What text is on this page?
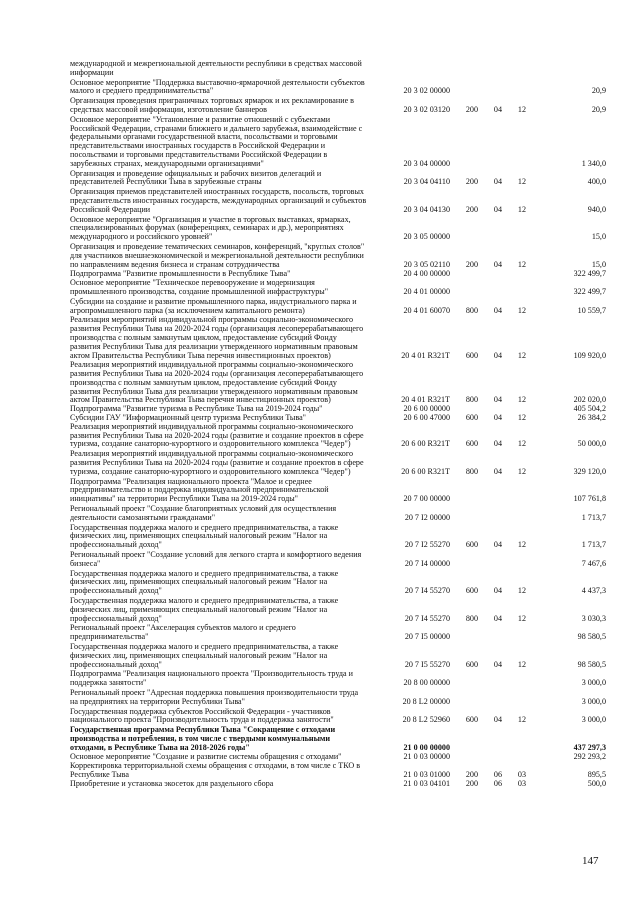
международной и межрегиональной деятельности республики в средствах массовой
информации
Основное мероприятие "Поддержка выставочно-ярмарочной деятельности субъектов
малого и среднего предпринимательства"	20 3 02 00000	20,9
Организация проведения приграничных торговых ярмарок и их рекламирование в
средствах массовой информации, изготовление баннеров	20 3 02 03120	200	04	12	20,9
Основное мероприятие "Установление и развитие отношений с субъектами
Российской Федерации, странами ближнего и дальнего зарубежья, взаимодействие с
федеральными органами государственной власти, посольствами и торговыми
представительствами иностранных государств в Российской Федерации и
посольствами и торговыми представительствами Российской Федерации в
зарубежных странах, международными организациями"	20 3 04 00000	1 340,0
Организация и проведение официальных и рабочих визитов делегаций и
представителей Республики Тыва в зарубежные страны	20 3 04 04110	200	04	12	400,0
Организация приемов представителей иностранных государств, посольств, торговых
представительств иностранных государств, международных организаций и субъектов
Российской Федерации	20 3 04 04130	200	04	12	940,0
Основное мероприятие "Организация и участие в торговых выставках, ярмарках,
специализированных форумах (конференциях, семинарах и др.), мероприятиях
международного и российского уровней"	20 3 05 00000	15,0
Организация и проведение тематических семинаров, конференций, "круглых столов"
для участников внешнеэкономической и межрегиональной деятельности республики
по направлениям ведения бизнеса и странам сотрудничества	20 3 05 02110	200	04	12	15,0
Подпрограмма "Развитие промышленности в Республике Тыва"	20 4 00 00000	322 499,7
Основное мероприятие "Техническое перевооружение и модернизация
промышленного производства, создание промышленной инфраструктуры"	20 4 01 00000	322 499,7
Субсидии на создание и развитие промышленного парка, индустриального парка и
агропромышленного парка (за исключением капитального ремонта)	20 4 01 60070	800	04	12	10 559,7
Реализация мероприятий индивидуальной программы социально-экономического
развития Республики Тыва на 2020-2024 годы (организация лесоперерабатывающего
производства с полным замкнутым циклом, предоставление субсидий Фонду
развития Республики Тыва для реализации утвержденного нормативным правовым
актом Правительства Республики Тыва перечня инвестиционных проектов)	20 4 01 R321T	600	04	12	109 920,0
Реализация мероприятий индивидуальной программы социально-экономического
развития Республики Тыва на 2020-2024 годы (организация лесоперерабатывающего
производства с полным замкнутым циклом, предоставление субсидий Фонду
развития Республики Тыва для реализации утвержденного нормативным правовым
актом Правительства Республики Тыва перечня инвестиционных проектов)	20 4 01 R321T	800	04	12	202 020,0
Подпрограмма "Развитие туризма в Республике Тыва на 2019-2024 годы"	20 6 00 00000	405 504,2
Субсидии ГАУ "Информационный центр туризма Республики Тыва"	20 6 00 47000	600	04	12	26 384,2
Реализация мероприятий индивидуальной программы социально-экономического
развития Республики Тыва на 2020-2024 годы (развитие и создание проектов в сфере
туризма, создание санаторно-курортного и оздоровительного комплекса "Чедер")	20 6 00 R321T	600	04	12	50 000,0
Реализация мероприятий индивидуальной программы социально-экономического
развития Республики Тыва на 2020-2024 годы (развитие и создание проектов в сфере
туризма, создание санаторно-курортного и оздоровительного комплекса "Чедер")	20 6 00 R321T	800	04	12	329 120,0
Подпрограмма "Реализация национального проекта "Малое и среднее
предпринимательство и поддержка индивидуальной предпринимательской
инициативы" на территории Республики Тыва на 2019-2024 годы"	20 7 00 00000	107 761,8
Региональный проект "Создание благоприятных условий для осуществления
деятельности самозанятыми гражданами"	20 7 I2 00000	1 713,7
Государственная поддержка малого и среднего предпринимательства, а также
физических лиц, применяющих специальный налоговый режим "Налог на
профессиональный доход"	20 7 I2 55270	600	04	12	1 713,7
Региональный проект "Создание условий для легкого старта и комфортного ведения
бизнеса"	20 7 I4 00000	7 467,6
Государственная поддержка малого и среднего предпринимательства, а также
физических лиц, применяющих специальный налоговый режим "Налог на
профессиональный доход"	20 7 I4 55270	600	04	12	4 437,3
Государственная поддержка малого и среднего предпринимательства, а также
физических лиц, применяющих специальный налоговый режим "Налог на
профессиональный доход"	20 7 I4 55270	800	04	12	3 030,3
Региональный проект "Акселерация субъектов малого и среднего
предпринимательства"	20 7 I5 00000	98 580,5
Государственная поддержка малого и среднего предпринимательства, а также
физических лиц, применяющих специальный налоговый режим "Налог на
профессиональный доход"	20 7 I5 55270	600	04	12	98 580,5
Подпрограмма "Реализация национального проекта "Производительность труда и
поддержка занятости"	20 8 00 00000	3 000,0
Региональный проект "Адресная поддержка повышения производительности труда
на предприятиях на территории Республики Тыва"	20 8 L2 00000	3 000,0
Государственная поддержка субъектов Российской Федерации - участников
национального проекта "Производительность труда и поддержка занятости"	20 8 L2 52960	600	04	12	3 000,0
Государственная программа Республики Тыва "Сокращение с отходами
производства и потребления, в том числе с твердыми коммунальными
отходами, в Республике Тыва на 2018-2026 годы"	21 0 00 00000	437 297,3
Основное мероприятие "Создание и развитие системы обращения с отходами"	21 0 03 00000	292 293,2
Корректировка территориальной схемы обращения с отходами, в том числе с ТКО в
Республике Тыва	21 0 03 01000	200	06	03	895,5
Приобретение и установка экосеток для раздельного сбора	21 0 03 04101	200	06	03	500,0
147
